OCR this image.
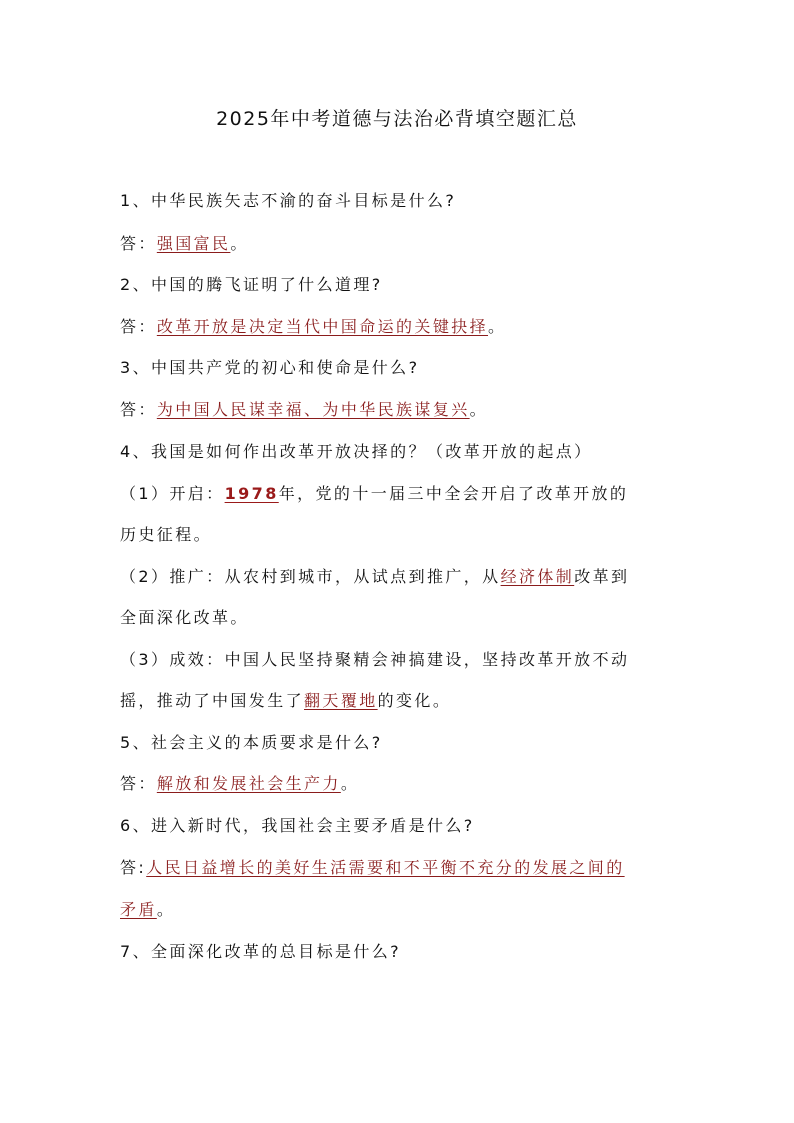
2025年中考道德与法治必背填空题汇总
1、中华民族矢志不渝的奋斗目标是什么?
答：强国富民。
2、中国的腾飞证明了什么道理?
答：改革开放是决定当代中国命运的关键抉择。
3、中国共产党的初心和使命是什么?
答：为中国人民谋幸福、为中华民族谋复兴。
4、我国是如何作出改革开放决择的？（改革开放的起点）
（1）开启：1978年，党的十一届三中全会开启了改革开放的
历史征程。
（2）推广：从农村到城市，从试点到推广，从经济体制改革到
全面深化改革。
（3）成效：中国人民坚持聚精会神搞建设，坚持改革开放不动
摇，推动了中国发生了翻天覆地的变化。
5、社会主义的本质要求是什么?
答：解放和发展社会生产力。
6、进入新时代，我国社会主要矛盾是什么?
答:人民日益增长的美好生活需要和不平衡不充分的发展之间的
矛盾。
7、全面深化改革的总目标是什么?
